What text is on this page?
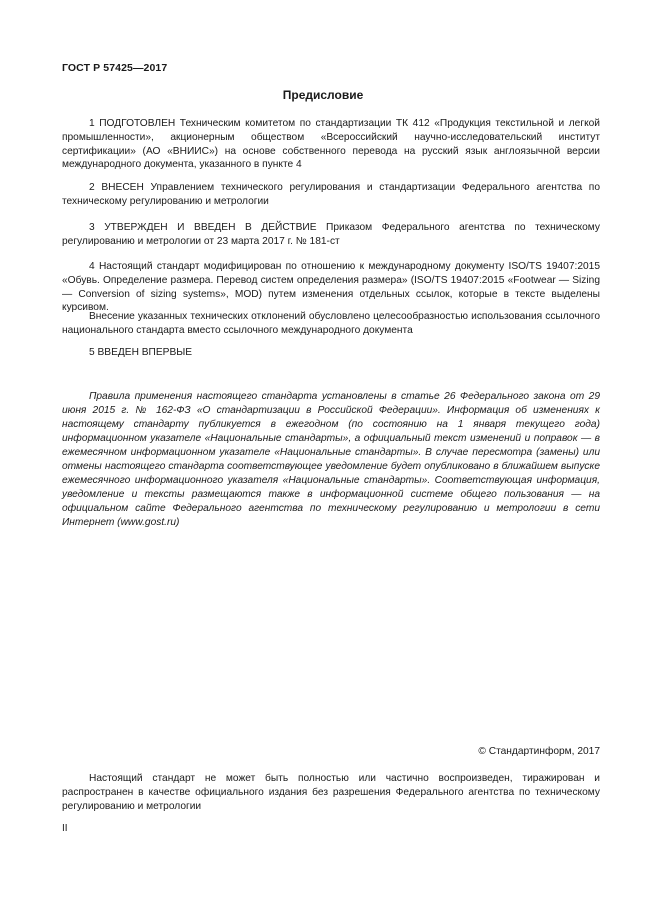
ГОСТ Р 57425—2017
Предисловие

1 ПОДГОТОВЛЕН Техническим комитетом по стандартизации ТК 412 «Продукция текстильной и легкой промышленности», акционерным обществом «Всероссийский научно-исследовательский институт сертификации» (АО «ВНИИС») на основе собственного перевода на русский язык англоязычной версии международного документа, указанного в пункте 4

2 ВНЕСЕН Управлением технического регулирования и стандартизации Федерального агентства по техническому регулированию и метрологии

3 УТВЕРЖДЕН И ВВЕДЕН В ДЕЙСТВИЕ Приказом Федерального агентства по техническому регулированию и метрологии от 23 марта 2017 г. № 181-ст

4 Настоящий стандарт модифицирован по отношению к международному документу ISO/TS 19407:2015 «Обувь. Определение размера. Перевод систем определения размера» (ISO/TS 19407:2015 «Footwear — Sizing — Conversion of sizing systems», MOD) путем изменения отдельных ссылок, которые в тексте выделены курсивом.

Внесение указанных технических отклонений обусловлено целесообразностью использования ссылочного национального стандарта вместо ссылочного международного документа

5 ВВЕДЕН ВПЕРВЫЕ

Правила применения настоящего стандарта установлены в статье 26 Федерального закона от 29 июня 2015 г. № 162-ФЗ «О стандартизации в Российской Федерации». Информация об изменениях к настоящему стандарту публикуется в ежегодном (по состоянию на 1 января текущего года) информационном указателе «Национальные стандарты», а официальный текст изменений и поправок — в ежемесячном информационном указателе «Национальные стандарты». В случае пересмотра (замены) или отмены настоящего стандарта соответствующее уведомление будет опубликовано в ближайшем выпуске ежемесячного информационного указателя «Национальные стандарты». Соответствующая информация, уведомление и тексты размещаются также в информационной системе общего пользования — на официальном сайте Федерального агентства по техническому регулированию и метрологии в сети Интернет (www.gost.ru)

© Стандартинформ, 2017

Настоящий стандарт не может быть полностью или частично воспроизведен, тиражирован и распространен в качестве официального издания без разрешения Федерального агентства по техническому регулированию и метрологии

II
